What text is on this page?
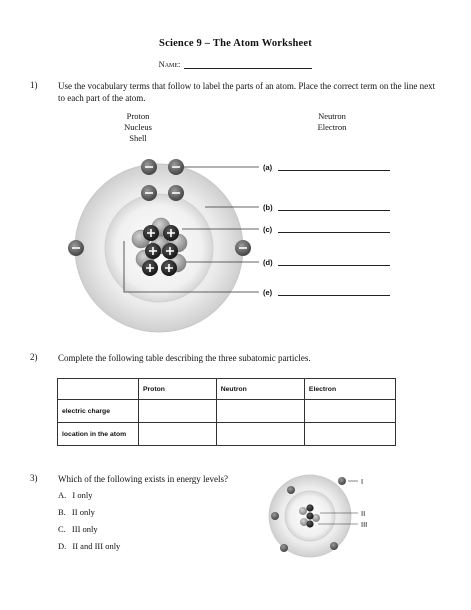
Science 9 – The Atom Worksheet
Name:
1) Use the vocabulary terms that follow to label the parts of an atom. Place the correct term on the line next to each part of the atom.
Proton
Nucleus
Shell
Neutron
Electron
(a)
(b)
(c)
(d)
(e)
2) Complete the following table describing the three subatomic particles.
	Proton	Neutron	Electron
electric charge			
location in the atom			
3) Which of the following exists in energy levels?
A. I only
B. II only
C. III only
D. II and III only
I
II
III
